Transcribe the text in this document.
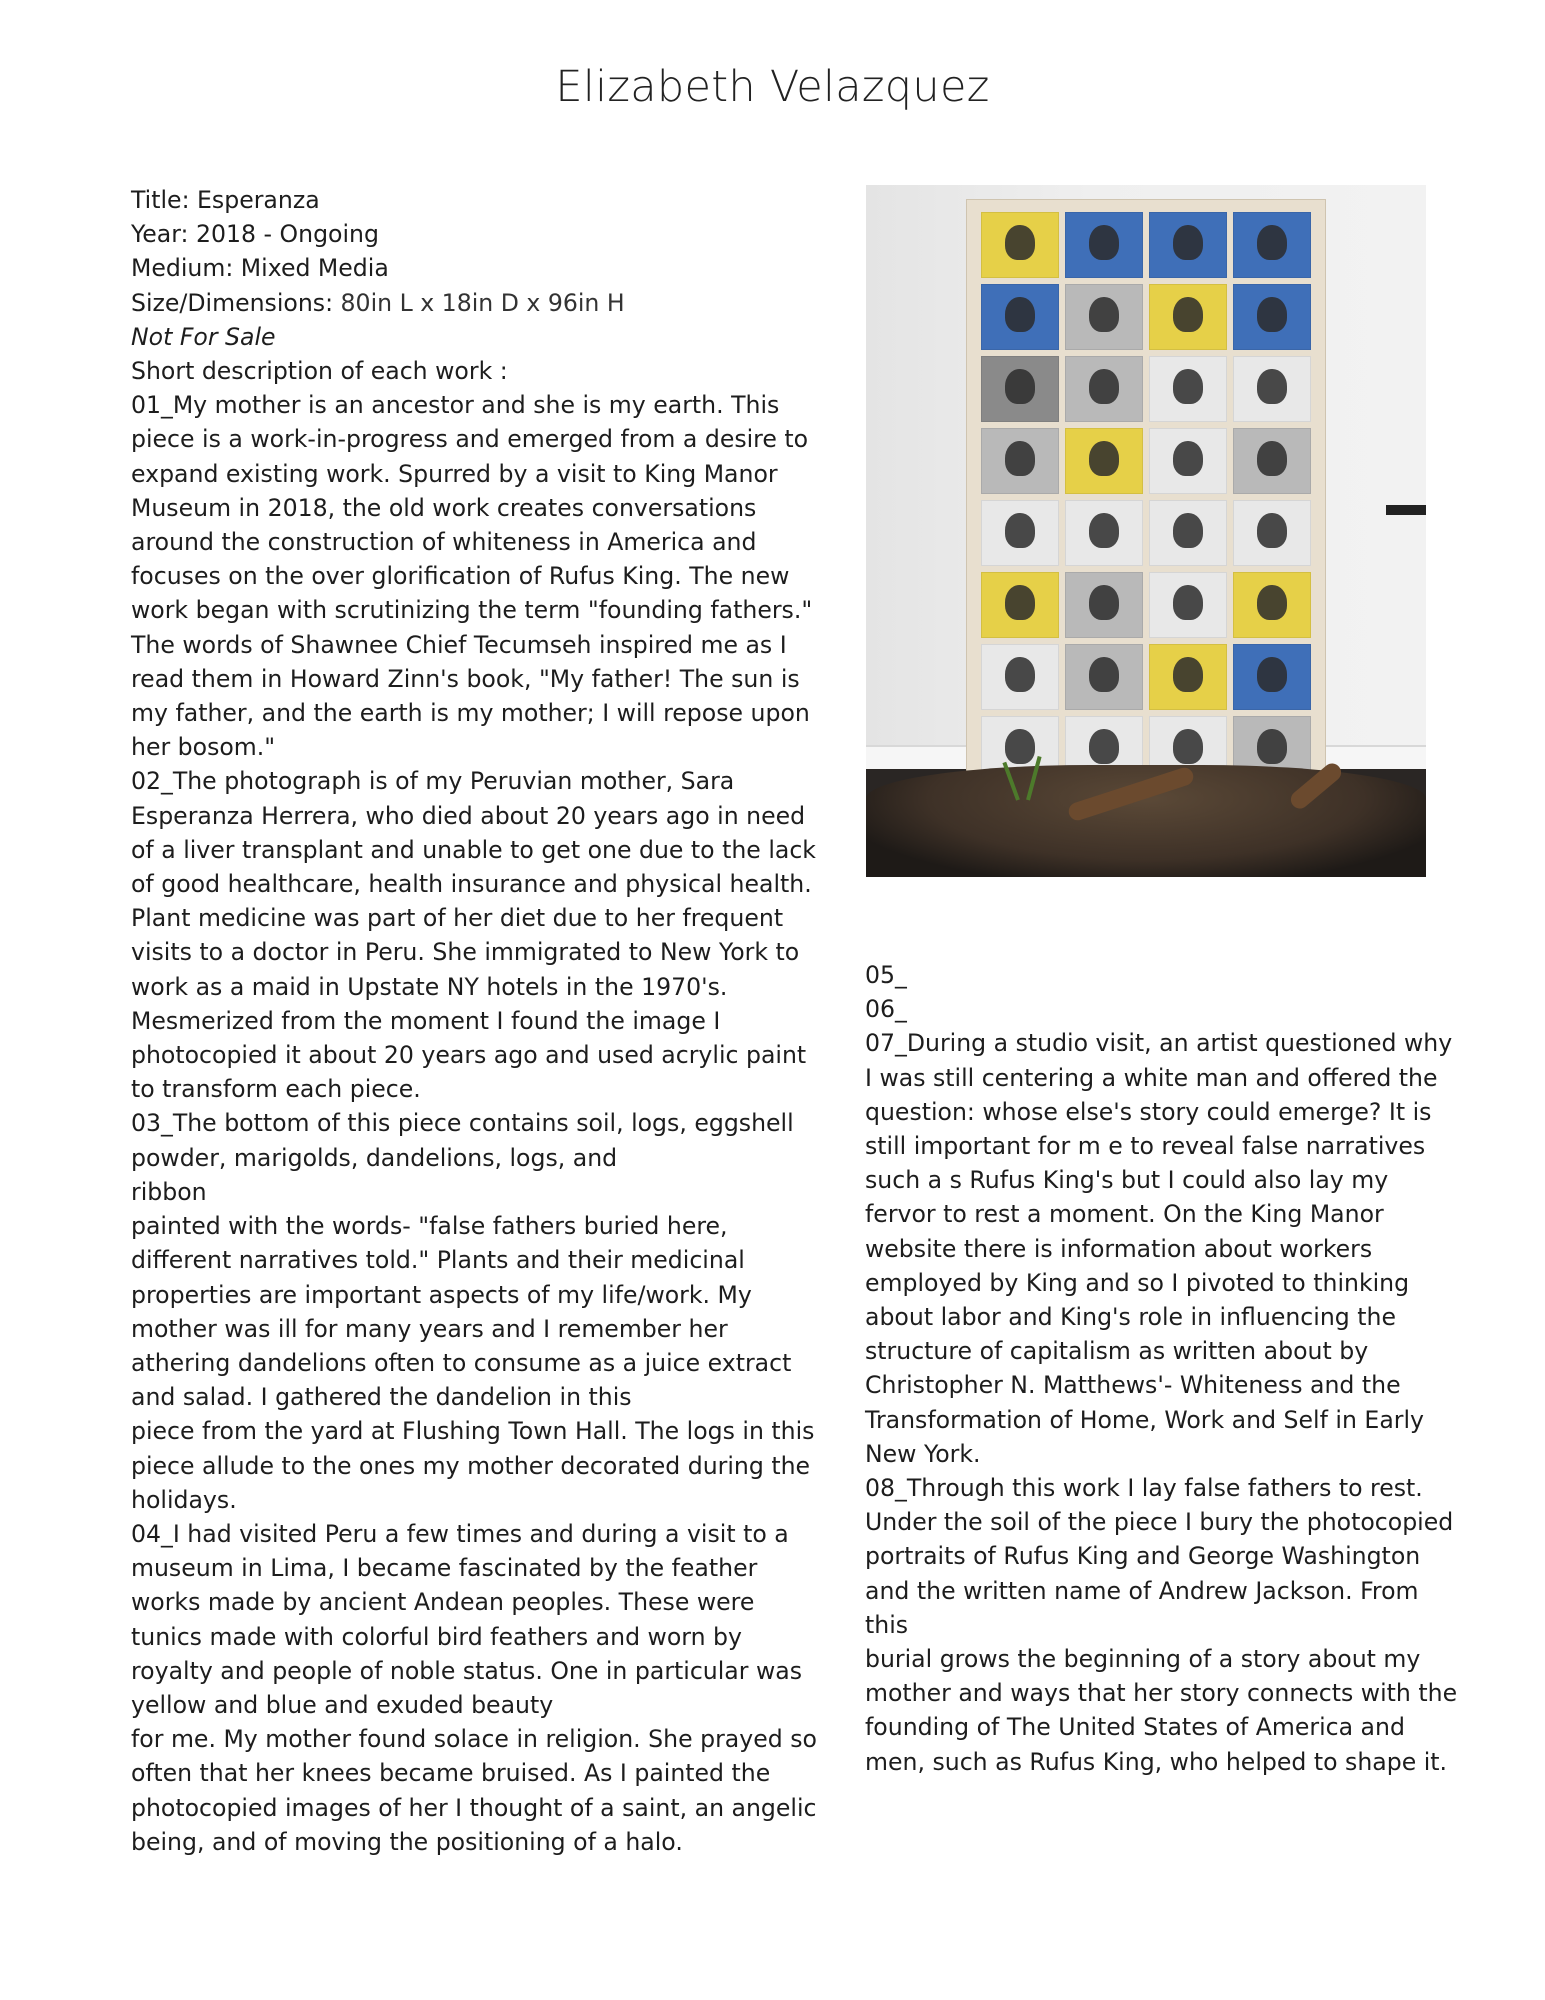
Elizabeth Velazquez
Title: Esperanza
Year: 2018 - Ongoing
Medium: Mixed Media
Size/Dimensions: 80in L x 18in D x 96in H
Not For Sale
Short description of each work :
01_My mother is an ancestor and she is my earth. This
piece is a work-in-progress and emerged from a desire to
expand existing work. Spurred by a visit to King Manor
Museum in 2018, the old work creates conversations
around the construction of whiteness in America and
focuses on the over glorification of Rufus King. The new
work began with scrutinizing the term "founding fathers."
The words of Shawnee Chief Tecumseh inspired me as I
read them in Howard Zinn's book, "My father! The sun is
my father, and the earth is my mother; I will repose upon
her bosom."
02_The photograph is of my Peruvian mother, Sara
Esperanza Herrera, who died about 20 years ago in need
of a liver transplant and unable to get one due to the lack
of good healthcare, health insurance and physical health.
Plant medicine was part of her diet due to her frequent
visits to a doctor in Peru. She immigrated to New York to
work as a maid in Upstate NY hotels in the 1970's.
Mesmerized from the moment I found the image I
photocopied it about 20 years ago and used acrylic paint
to transform each piece.
03_The bottom of this piece contains soil, logs, eggshell
powder, marigolds, dandelions, logs, and
ribbon
painted with the words- "false fathers buried here,
different narratives told." Plants and their medicinal
properties are important aspects of my life/work. My
mother was ill for many years and I remember her
athering dandelions often to consume as a juice extract
and salad. I gathered the dandelion in this
piece from the yard at Flushing Town Hall. The logs in this
piece allude to the ones my mother decorated during the
holidays.
04_I had visited Peru a few times and during a visit to a
museum in Lima, I became fascinated by the feather
works made by ancient Andean peoples. These were
tunics made with colorful bird feathers and worn by
royalty and people of noble status. One in particular was
yellow and blue and exuded beauty
for me. My mother found solace in religion. She prayed so
often that her knees became bruised. As I painted the
photocopied images of her I thought of a saint, an angelic
being, and of moving the positioning of a halo.
05_
06_
07_During a studio visit, an artist questioned why
I was still centering a white man and offered the
question: whose else's story could emerge? It is
still important for m e to reveal false narratives
such a s Rufus King's but I could also lay my
fervor to rest a moment. On the King Manor
website there is information about workers
employed by King and so I pivoted to thinking
about labor and King's role in influencing the
structure of capitalism as written about by
Christopher N. Matthews'- Whiteness and the
Transformation of Home, Work and Self in Early
New York.
08_Through this work I lay false fathers to rest.
Under the soil of the piece I bury the photocopied
portraits of Rufus King and George Washington
and the written name of Andrew Jackson. From
this
burial grows the beginning of a story about my
mother and ways that her story connects with the
founding of The United States of America and
men, such as Rufus King, who helped to shape it.
